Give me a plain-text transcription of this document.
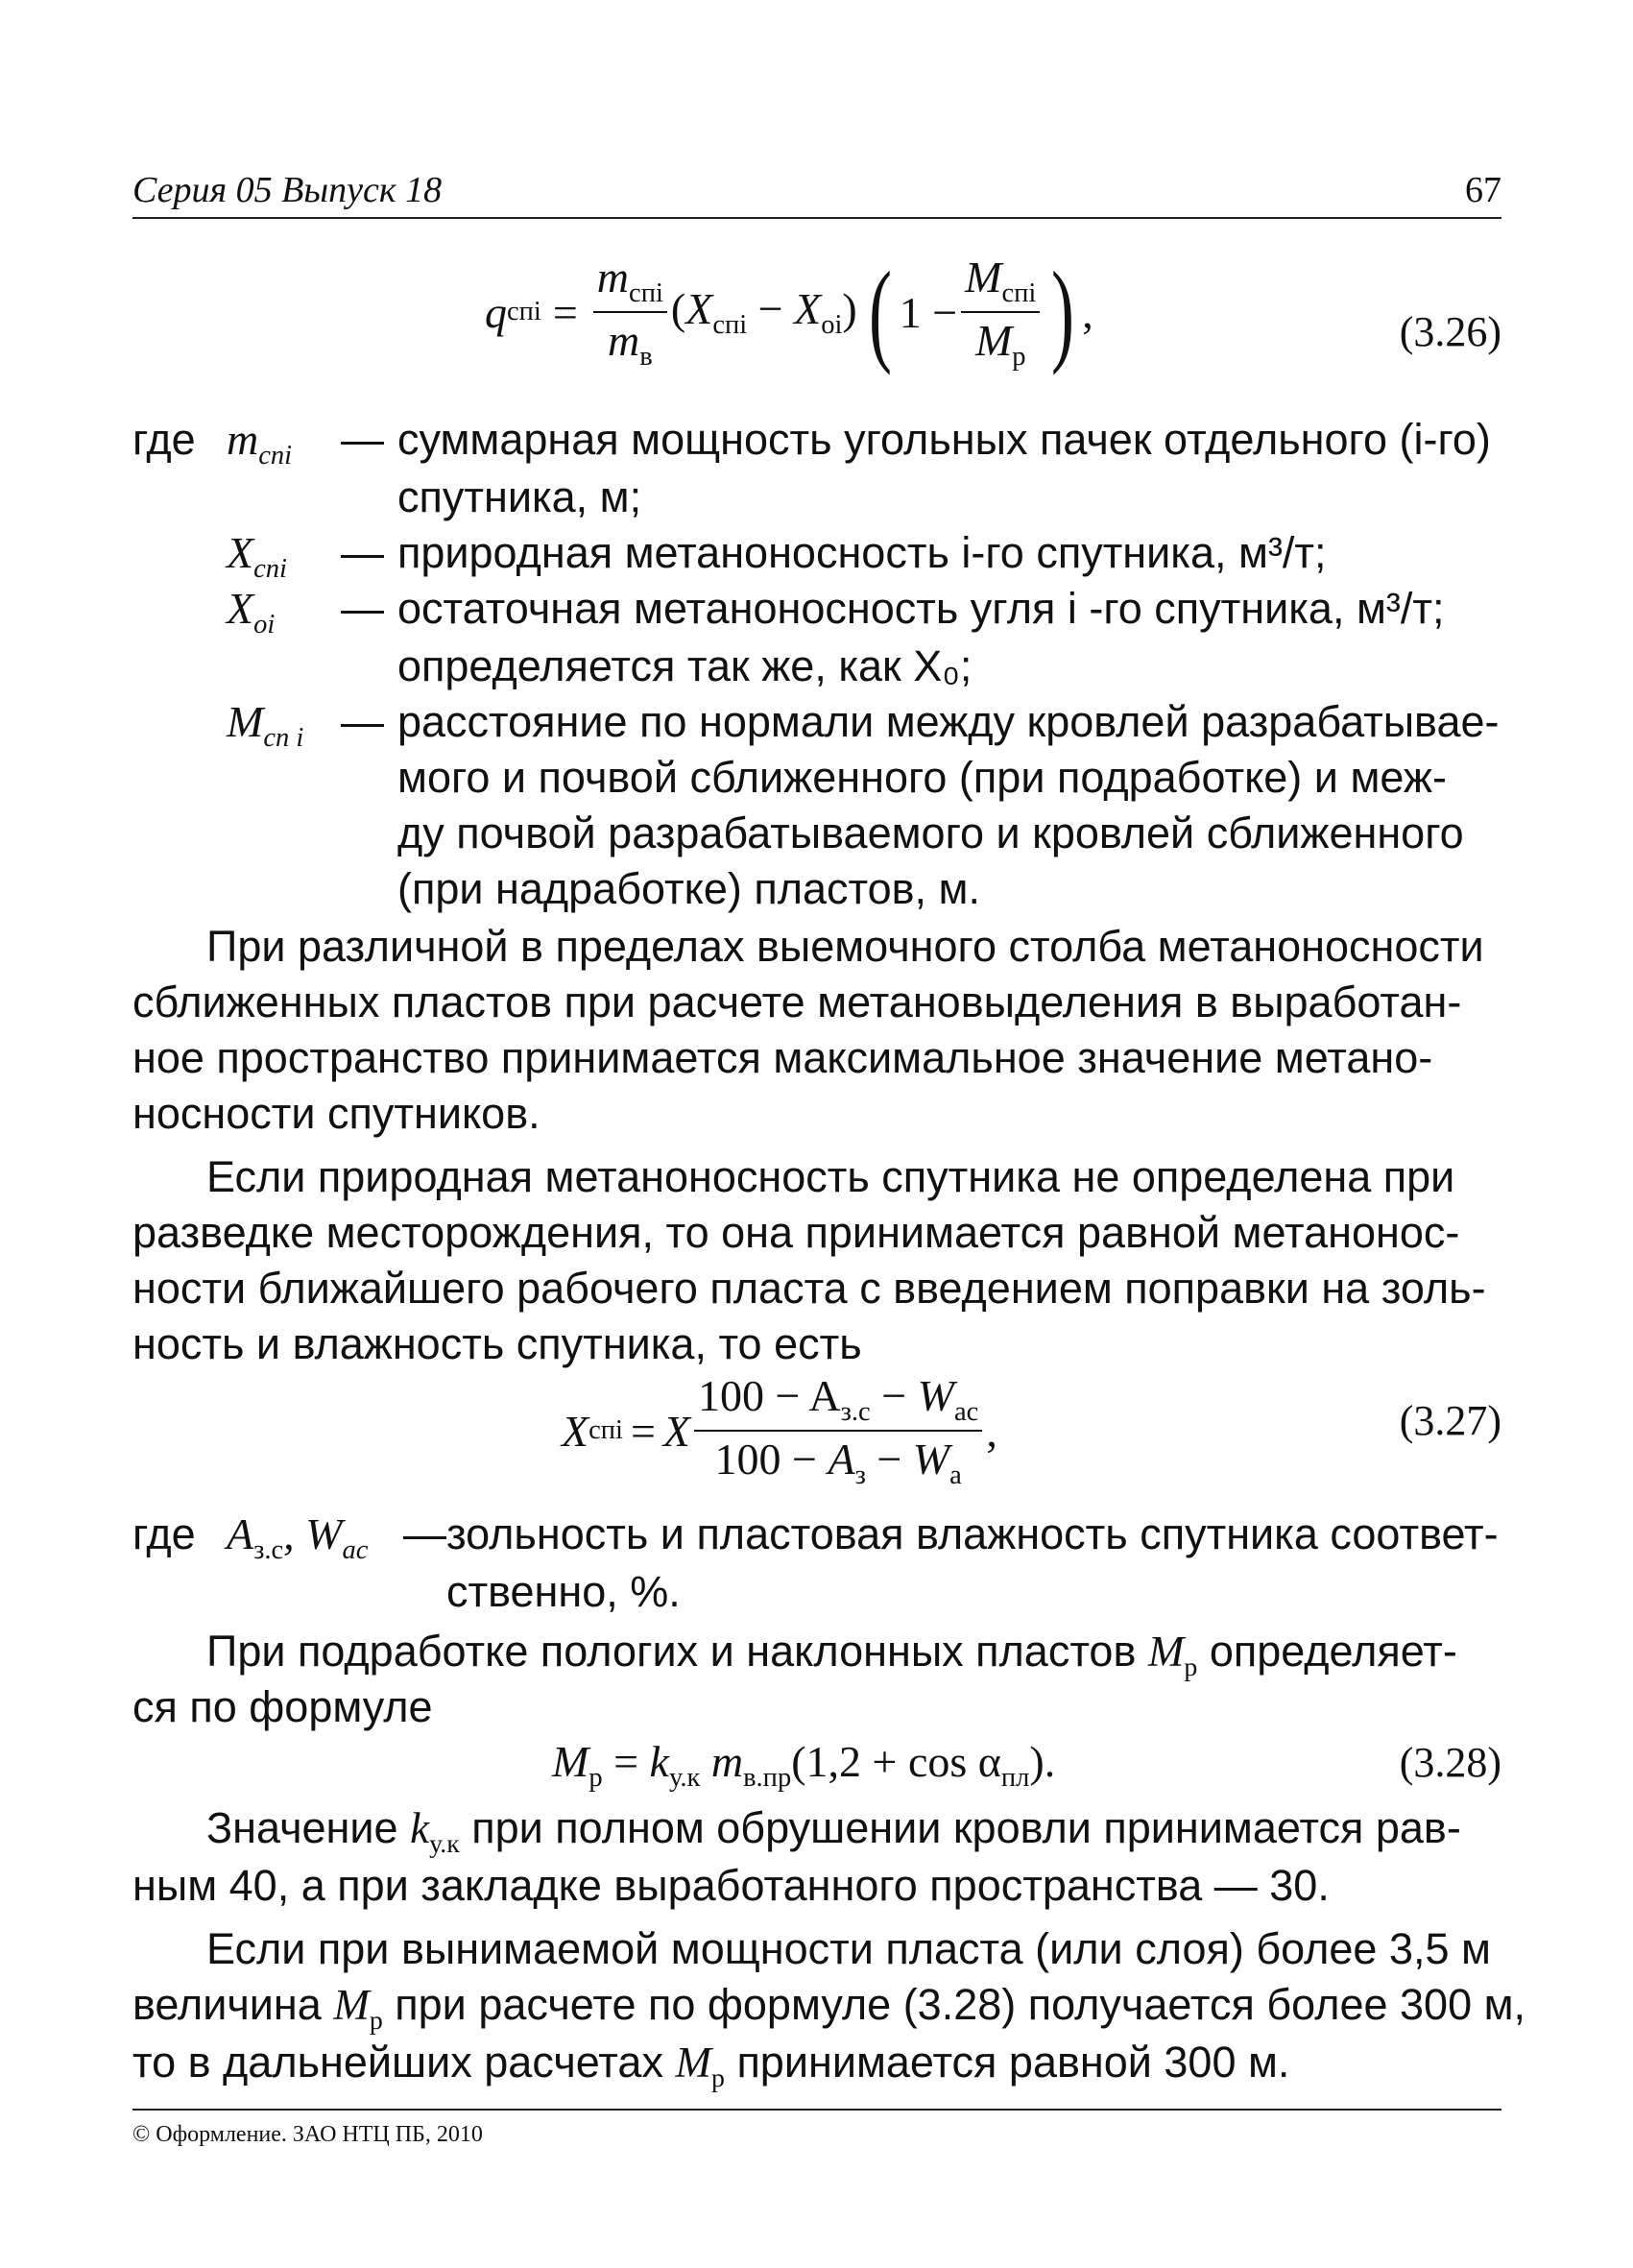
Серия 05 Выпуск 18	67
q спi = $\frac{m_{спi}}{m_в} (X_{спi} - X_{оi})$ ( $1 - \frac{M_{спi}}{M_р}$ ) ,	(3.26)
где $m_{спi}$ — суммарная мощность угольных пачек отдельного (i-го)
спутника, м;
$X_{спi}$ — природная метаноносность i-го спутника, м³/т;
$X_{оi}$ — остаточная метаноносность угля i -го спутника, м³/т;
определяется так же, как X₀;
$M_{сп i}$ — расстояние по нормали между кровлей разрабатывае-
мого и почвой сближенного (при подработке) и меж-
ду почвой разрабатываемого и кровлей сближенного
(при надработке) пластов, м.
При различной в пределах выемочного столба метаноносности
сближенных пластов при расчете метановыделения в выработан-
ное пространство принимается максимальное значение метано-
носности спутников.
Если природная метаноносность спутника не определена при
разведке месторождения, то она принимается равной метанонос-
ности ближайшего рабочего пласта с введением поправки на золь-
ность и влажность спутника, то есть
X спi = X $\frac{100 - A_{з.с} - W_{ас}}{100 - A_з - W_а}$ ,	(3.27)
где $A_{з.с}$, $W_{ас}$ — зольность и пластовая влажность спутника соответ-
ственно, %.
При подработке пологих и наклонных пластов $M_р$ определяет-
ся по формуле
$M_р = k_{у.к}$ $m_{в.пр}(1,2 + \cos \alpha_{пл})$.	(3.28)
Значение $k_{у.к}$ при полном обрушении кровли принимается рав-
ным 40, а при закладке выработанного пространства — 30.
Если при вынимаемой мощности пласта (или слоя) более 3,5 м
величина $M_р$ при расчете по формуле (3.28) получается более 300 м,
то в дальнейших расчетах $M_р$ принимается равной 300 м.
© Оформление. ЗАО НТЦ ПБ, 2010
